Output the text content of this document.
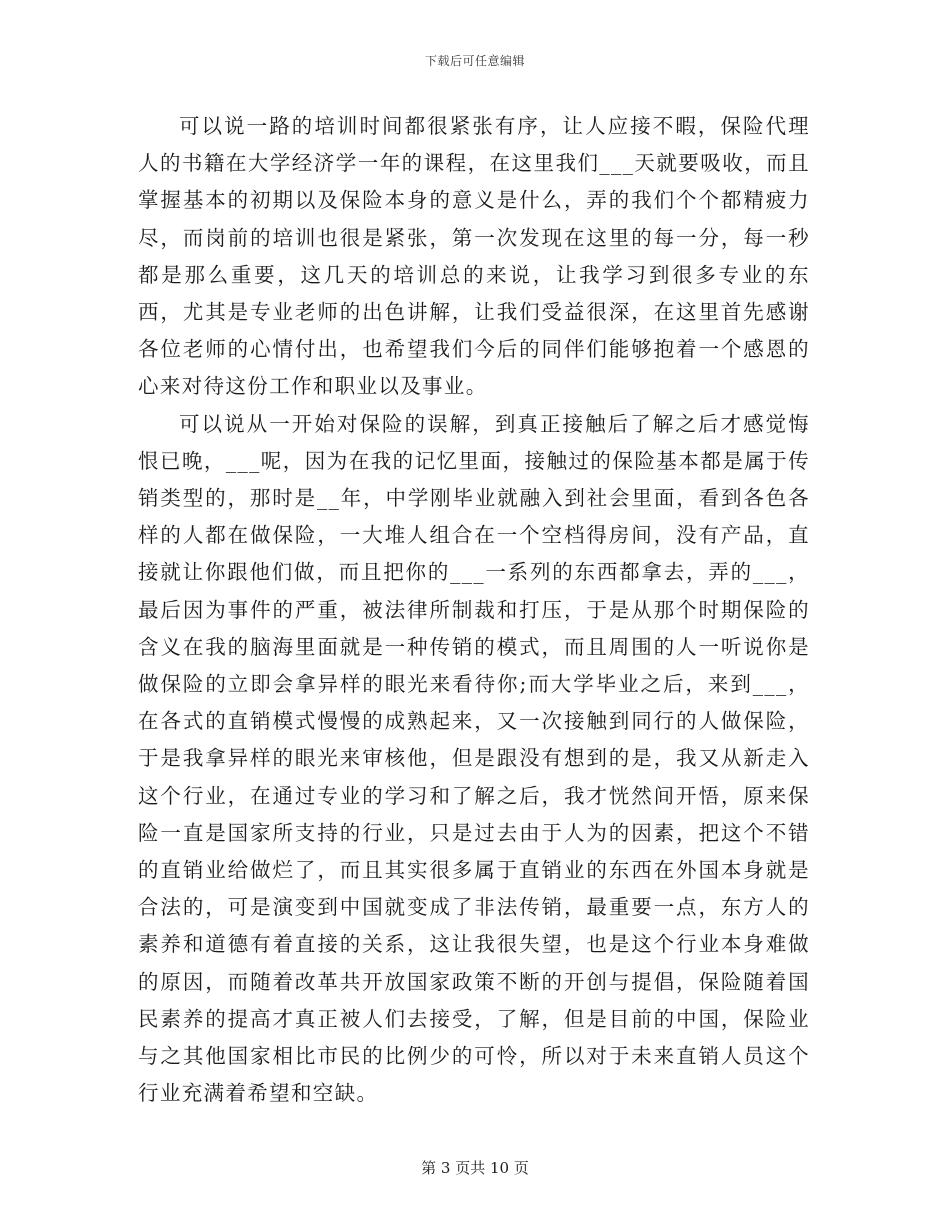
下载后可任意编辑

可以说一路的培训时间都很紧张有序，让人应接不暇，保险代理人的书籍在大学经济学一年的课程，在这里我们___天就要吸收，而且掌握基本的初期以及保险本身的意义是什么，弄的我们个个都精疲力尽，而岗前的培训也很是紧张，第一次发现在这里的每一分，每一秒都是那么重要，这几天的培训总的来说，让我学习到很多专业的东西，尤其是专业老师的出色讲解，让我们受益很深，在这里首先感谢各位老师的心情付出，也希望我们今后的同伴们能够抱着一个感恩的心来对待这份工作和职业以及事业。

可以说从一开始对保险的误解，到真正接触后了解之后才感觉悔恨已晚，___呢，因为在我的记忆里面，接触过的保险基本都是属于传销类型的，那时是__年，中学刚毕业就融入到社会里面，看到各色各样的人都在做保险，一大堆人组合在一个空档得房间，没有产品，直接就让你跟他们做，而且把你的___一系列的东西都拿去，弄的___，最后因为事件的严重，被法律所制裁和打压，于是从那个时期保险的含义在我的脑海里面就是一种传销的模式，而且周围的人一听说你是做保险的立即会拿异样的眼光来看待你;而大学毕业之后，来到___，在各式的直销模式慢慢的成熟起来，又一次接触到同行的人做保险，于是我拿异样的眼光来审核他，但是跟没有想到的是，我又从新走入这个行业，在通过专业的学习和了解之后，我才恍然间开悟，原来保险一直是国家所支持的行业，只是过去由于人为的因素，把这个不错的直销业给做烂了，而且其实很多属于直销业的东西在外国本身就是合法的，可是演变到中国就变成了非法传销，最重要一点，东方人的素养和道德有着直接的关系，这让我很失望，也是这个行业本身难做的原因，而随着改革共开放国家政策不断的开创与提倡，保险随着国民素养的提高才真正被人们去接受，了解，但是目前的中国，保险业与之其他国家相比市民的比例少的可怜，所以对于未来直销人员这个行业充满着希望和空缺。

第 3 页共 10 页
